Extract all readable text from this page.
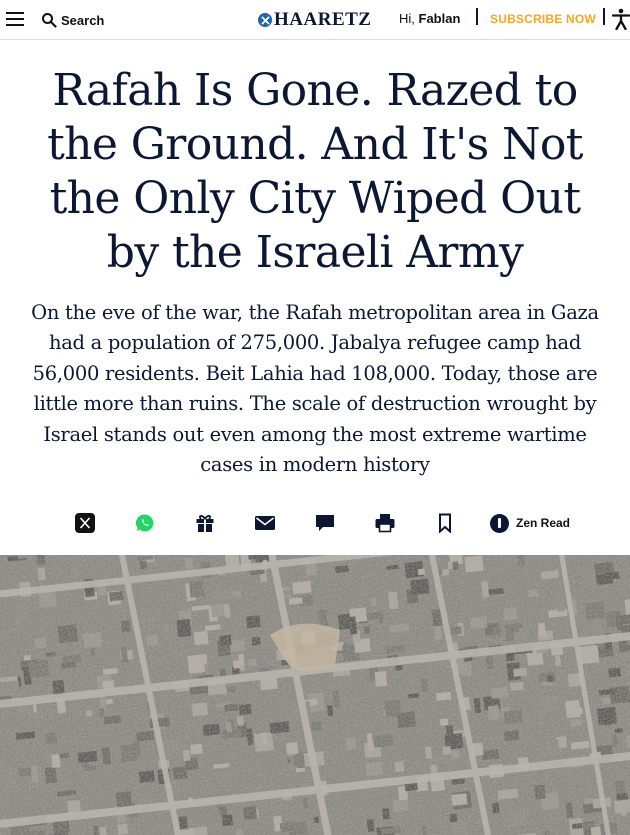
Search	HAARETZ Hi, Fablan SUBSCRIBE NOW
Rafah Is Gone. Razed to the Ground. And It's Not the Only City Wiped Out by the Israeli Army

On the eve of the war, the Rafah metropolitan area in Gaza had a population of 275,000. Jabalya refugee camp had 56,000 residents. Beit Lahia had 108,000. Today, those are little more than ruins. The scale of destruction wrought by Israel stands out even among the most extreme wartime cases in modern history

Zen Read
